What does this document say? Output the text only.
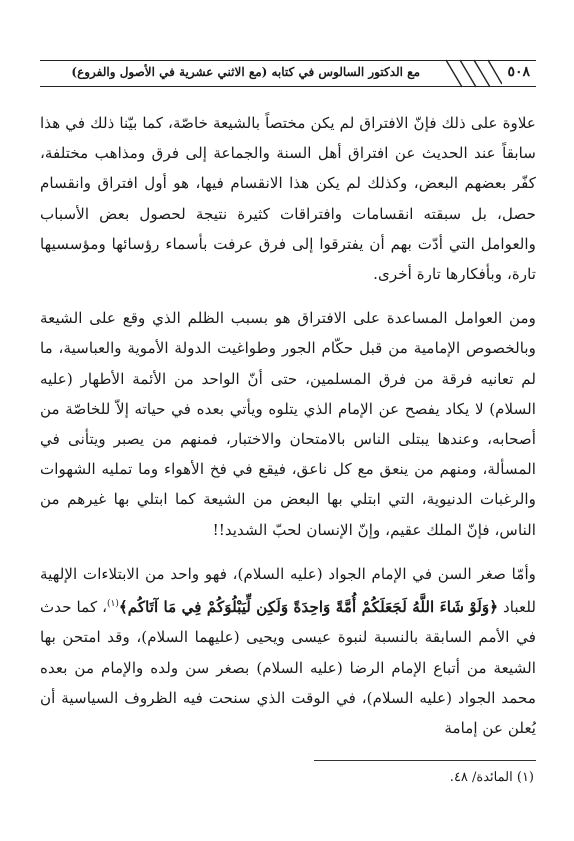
مع الدكتور السالوس في كتابه (مع الاثني عشرية في الأصول والفروع)	٥٠٨

علاوة على ذلك فإنّ الافتراق لم يكن مختصاً بالشيعة خاصّة، كما بيّنا ذلك في هذا سابقاً عند الحديث عن افتراق أهل السنة والجماعة إلى فرق ومذاهب مختلفة، كفّر بعضهم البعض، وكذلك لم يكن هذا الانقسام فيها، هو أول افتراق وانقسام حصل، بل سبقته انقسامات وافتراقات كثيرة نتيجة لحصول بعض الأسباب والعوامل التي أدّت بهم أن يفترقوا إلى فرق عرفت بأسماء رؤسائها ومؤسسيها تارة، وبأفكارها تارة أخرى.

ومن العوامل المساعدة على الافتراق هو بسبب الظلم الذي وقع على الشيعة وبالخصوص الإمامية من قبل حكّام الجور وطواغيت الدولة الأموية والعباسية، ما لم تعانيه فرقة من فرق المسلمين، حتى أنّ الواحد من الأئمة الأطهار (عليه السلام) لا يكاد يفصح عن الإمام الذي يتلوه ويأتي بعده في حياته إلاّ للخاصّة من أصحابه، وعندها يبتلى الناس بالامتحان والاختبار، فمنهم من يصبر ويتأنى في المسألة، ومنهم من ينعق مع كل ناعق، فيقع في فخ الأهواء وما تمليه الشهوات والرغبات الدنيوية، التي ابتلي بها البعض من الشيعة كما ابتلي بها غيرهم من الناس، فإنّ الملك عقيم، وإنّ الإنسان لحبّ الشديد!!

وأمّا صغر السن في الإمام الجواد (عليه السلام)، فهو واحد من الابتلاءات الإلهية للعباد ﴿وَلَوْ شَاءَ اللَّهُ لَجَعَلَكُمْ أُمَّةً وَاحِدَةً وَلَكِن لِّيَبْلُوَكُمْ فِي مَا آتَاكُم﴾$^{(١)}$، كما حدث في الأمم السابقة بالنسبة لنبوة عيسى ويحيى (عليهما السلام)، وقد امتحن بها الشيعة من أتباع الإمام الرضا (عليه السلام) بصغر سن ولده والإمام من بعده محمد الجواد (عليه السلام)، في الوقت الذي سنحت فيه الظروف السياسية أن يُعلن عن إمامة

(١) المائدة/ ٤٨.
